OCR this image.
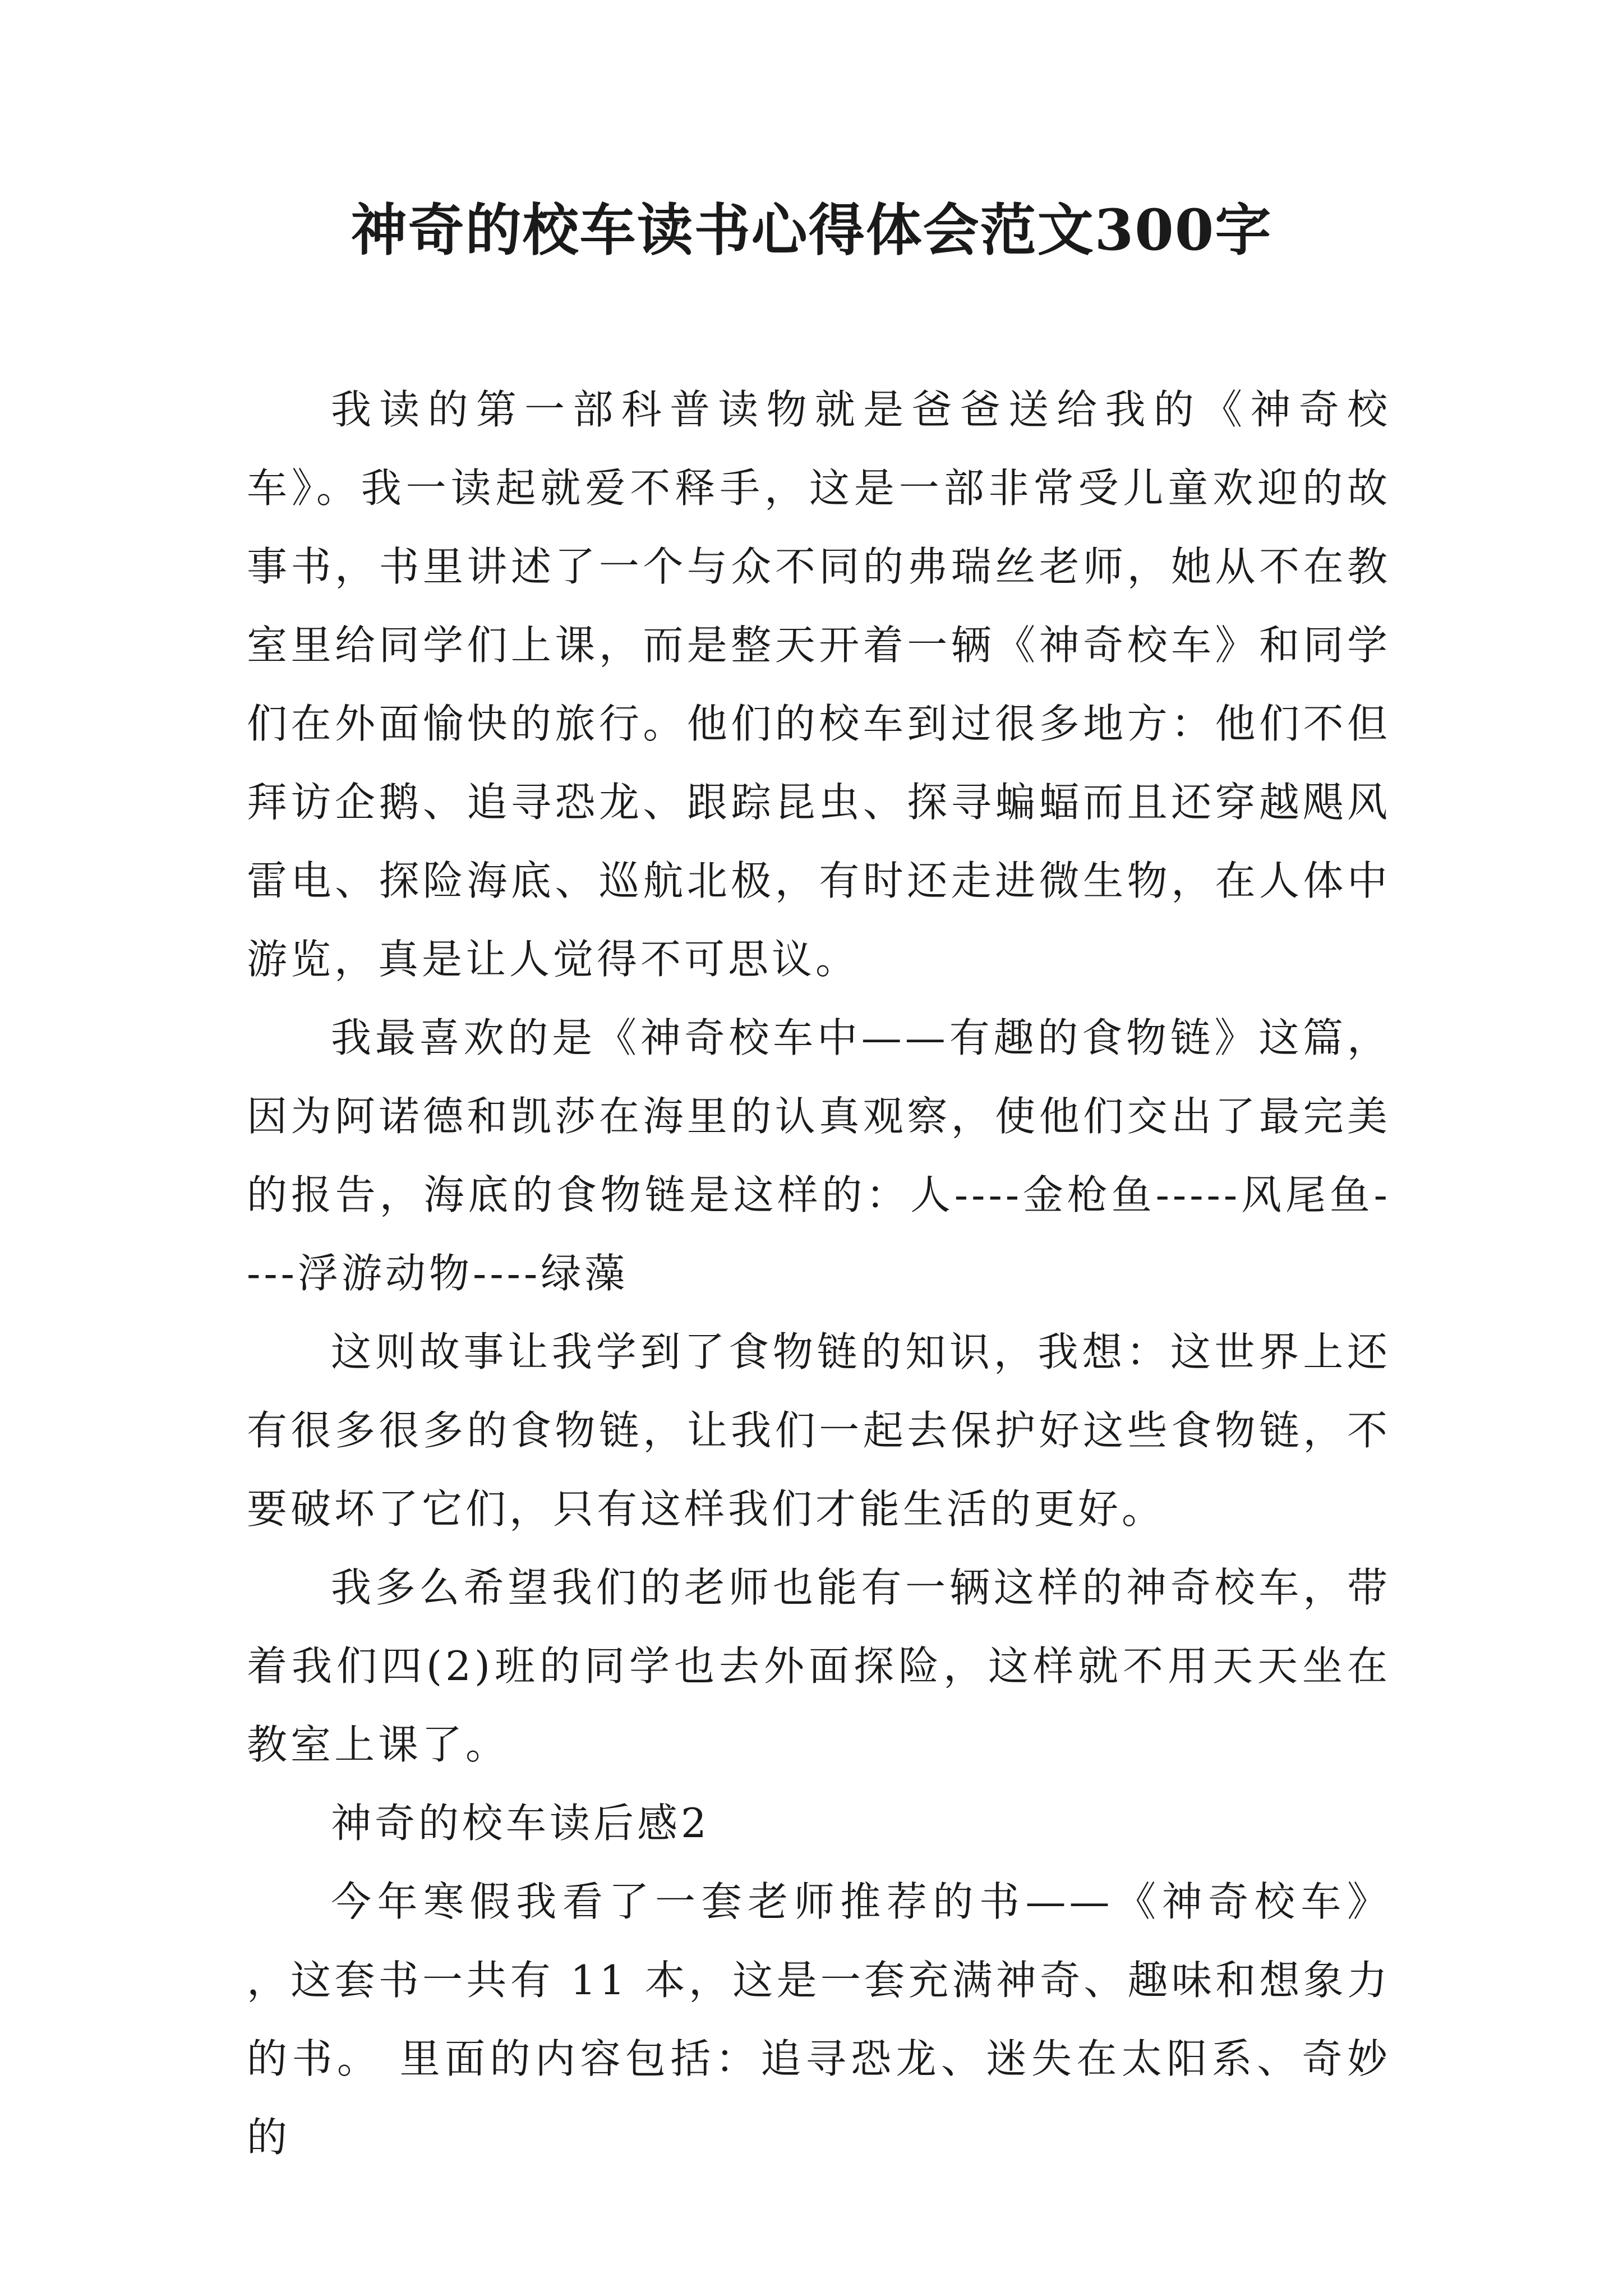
神奇的校车读书心得体会范文300字

我读的第一部科普读物就是爸爸送给我的《神奇校车》。我一读起就爱不释手，这是一部非常受儿童欢迎的故事书，书里讲述了一个与众不同的弗瑞丝老师，她从不在教室里给同学们上课，而是整天开着一辆《神奇校车》和同学们在外面愉快的旅行。他们的校车到过很多地方：他们不但拜访企鹅、追寻恐龙、跟踪昆虫、探寻蝙蝠而且还穿越飓风雷电、探险海底、巡航北极，有时还走进微生物，在人体中游览，真是让人觉得不可思议。

我最喜欢的是《神奇校车中——有趣的食物链》这篇，因为阿诺德和凯莎在海里的认真观察，使他们交出了最完美的报告，海底的食物链是这样的：人----金枪鱼-----风尾鱼----浮游动物----绿藻

这则故事让我学到了食物链的知识，我想：这世界上还有很多很多的食物链，让我们一起去保护好这些食物链，不要破坏了它们，只有这样我们才能生活的更好。

我多么希望我们的老师也能有一辆这样的神奇校车，带着我们四(2)班的同学也去外面探险，这样就不用天天坐在教室上课了。

神奇的校车读后感2

今年寒假我看了一套老师推荐的书——《神奇校车》 ，这套书一共有 11 本，这是一套充满神奇、趣味和想象力的书。 里面的内容包括：追寻恐龙、迷失在太阳系、奇妙的
